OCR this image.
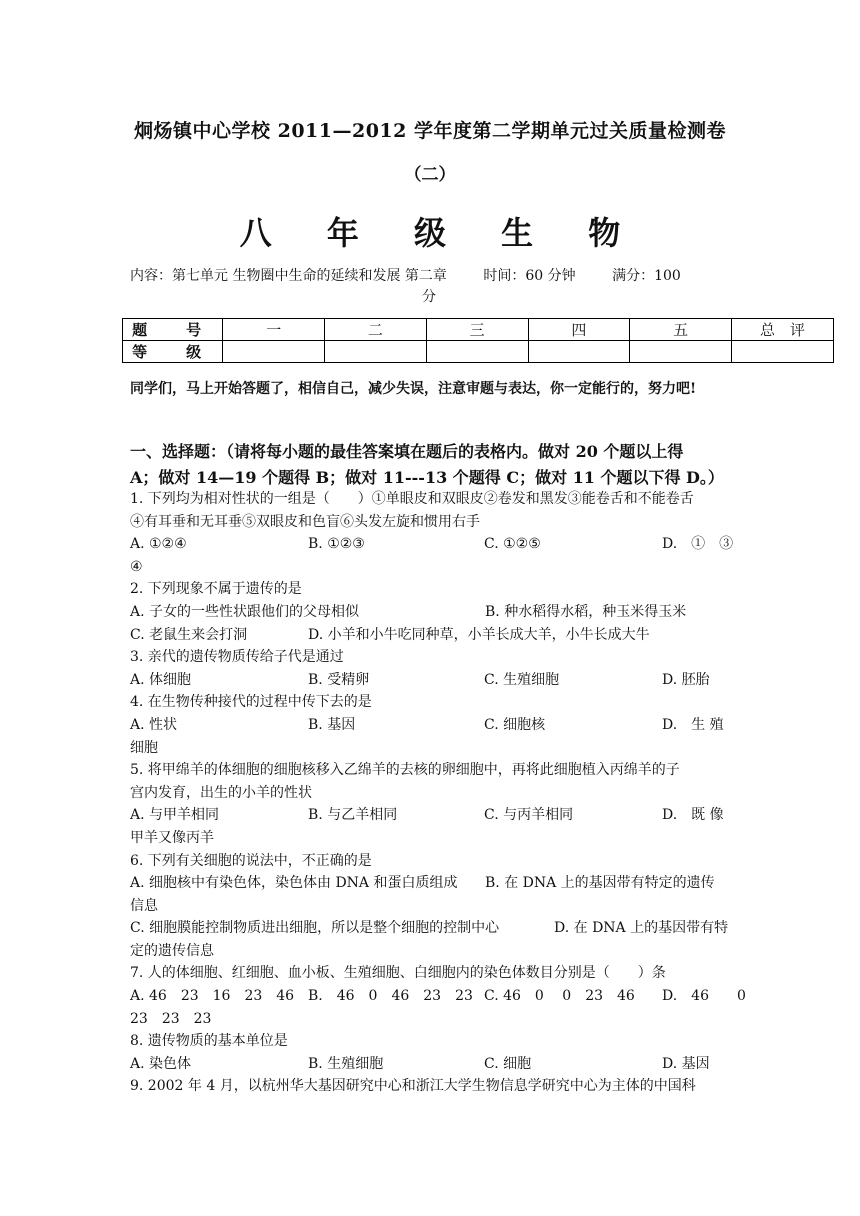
炯炀镇中心学校 2011—2012 学年度第二学期单元过关质量检测卷
（二）
八 年 级 生 物
内容：第七单元 生物圈中生命的延续和发展 第二章	时间：60 分钟	满分：100
分
题　号	一	二	三	四	五	总　评
等　级						
同学们，马上开始答题了，相信自己，减少失误，注意审题与表达，你一定能行的，努力吧!
一、选择题：（请将每小题的最佳答案填在题后的表格内。做对 20 个题以上得
A；做对 14—19 个题得 B；做对 11---13 个题得 C；做对 11 个题以下得 D。）
1. 下列均为相对性状的一组是（　　）①单眼皮和双眼皮②卷发和黑发③能卷舌和不能卷舌
④有耳垂和无耳垂⑤双眼皮和色盲⑥头发左旋和惯用右手
A. ①②④	B. ①②③	C. ①②⑤	D.　①　③
④
2. 下列现象不属于遗传的是
A. 子女的一些性状跟他们的父母相似	B. 种水稻得水稻，种玉米得玉米
C. 老鼠生来会打洞	D. 小羊和小牛吃同种草，小羊长成大羊，小牛长成大牛
3. 亲代的遗传物质传给子代是通过
A. 体细胞	B. 受精卵	C. 生殖细胞	D. 胚胎
4. 在生物传种接代的过程中传下去的是
A. 性状	B. 基因	C. 细胞核	D.　生 殖
细胞
5. 将甲绵羊的体细胞的细胞核移入乙绵羊的去核的卵细胞中，再将此细胞植入丙绵羊的子
宫内发育，出生的小羊的性状
A. 与甲羊相同	B. 与乙羊相同	C. 与丙羊相同	D.　既 像
甲羊又像丙羊
6. 下列有关细胞的说法中，不正确的是
A. 细胞核中有染色体，染色体由 DNA 和蛋白质组成	B. 在 DNA 上的基因带有特定的遗传
信息
C. 细胞膜能控制物质进出细胞，所以是整个细胞的控制中心	D. 在 DNA 上的基因带有特
定的遗传信息
7. 人的体细胞、红细胞、血小板、生殖细胞、白细胞内的染色体数目分别是（　　）条
A. 46　23　16　23　46 B.　46　0　46　23　23 C. 46　0　 0　23　46	D.　46　　0
23　23　23
8. 遗传物质的基本单位是
A. 染色体	B. 生殖细胞	C. 细胞	D. 基因
9. 2002 年 4 月，以杭州华大基因研究中心和浙江大学生物信息学研究中心为主体的中国科
